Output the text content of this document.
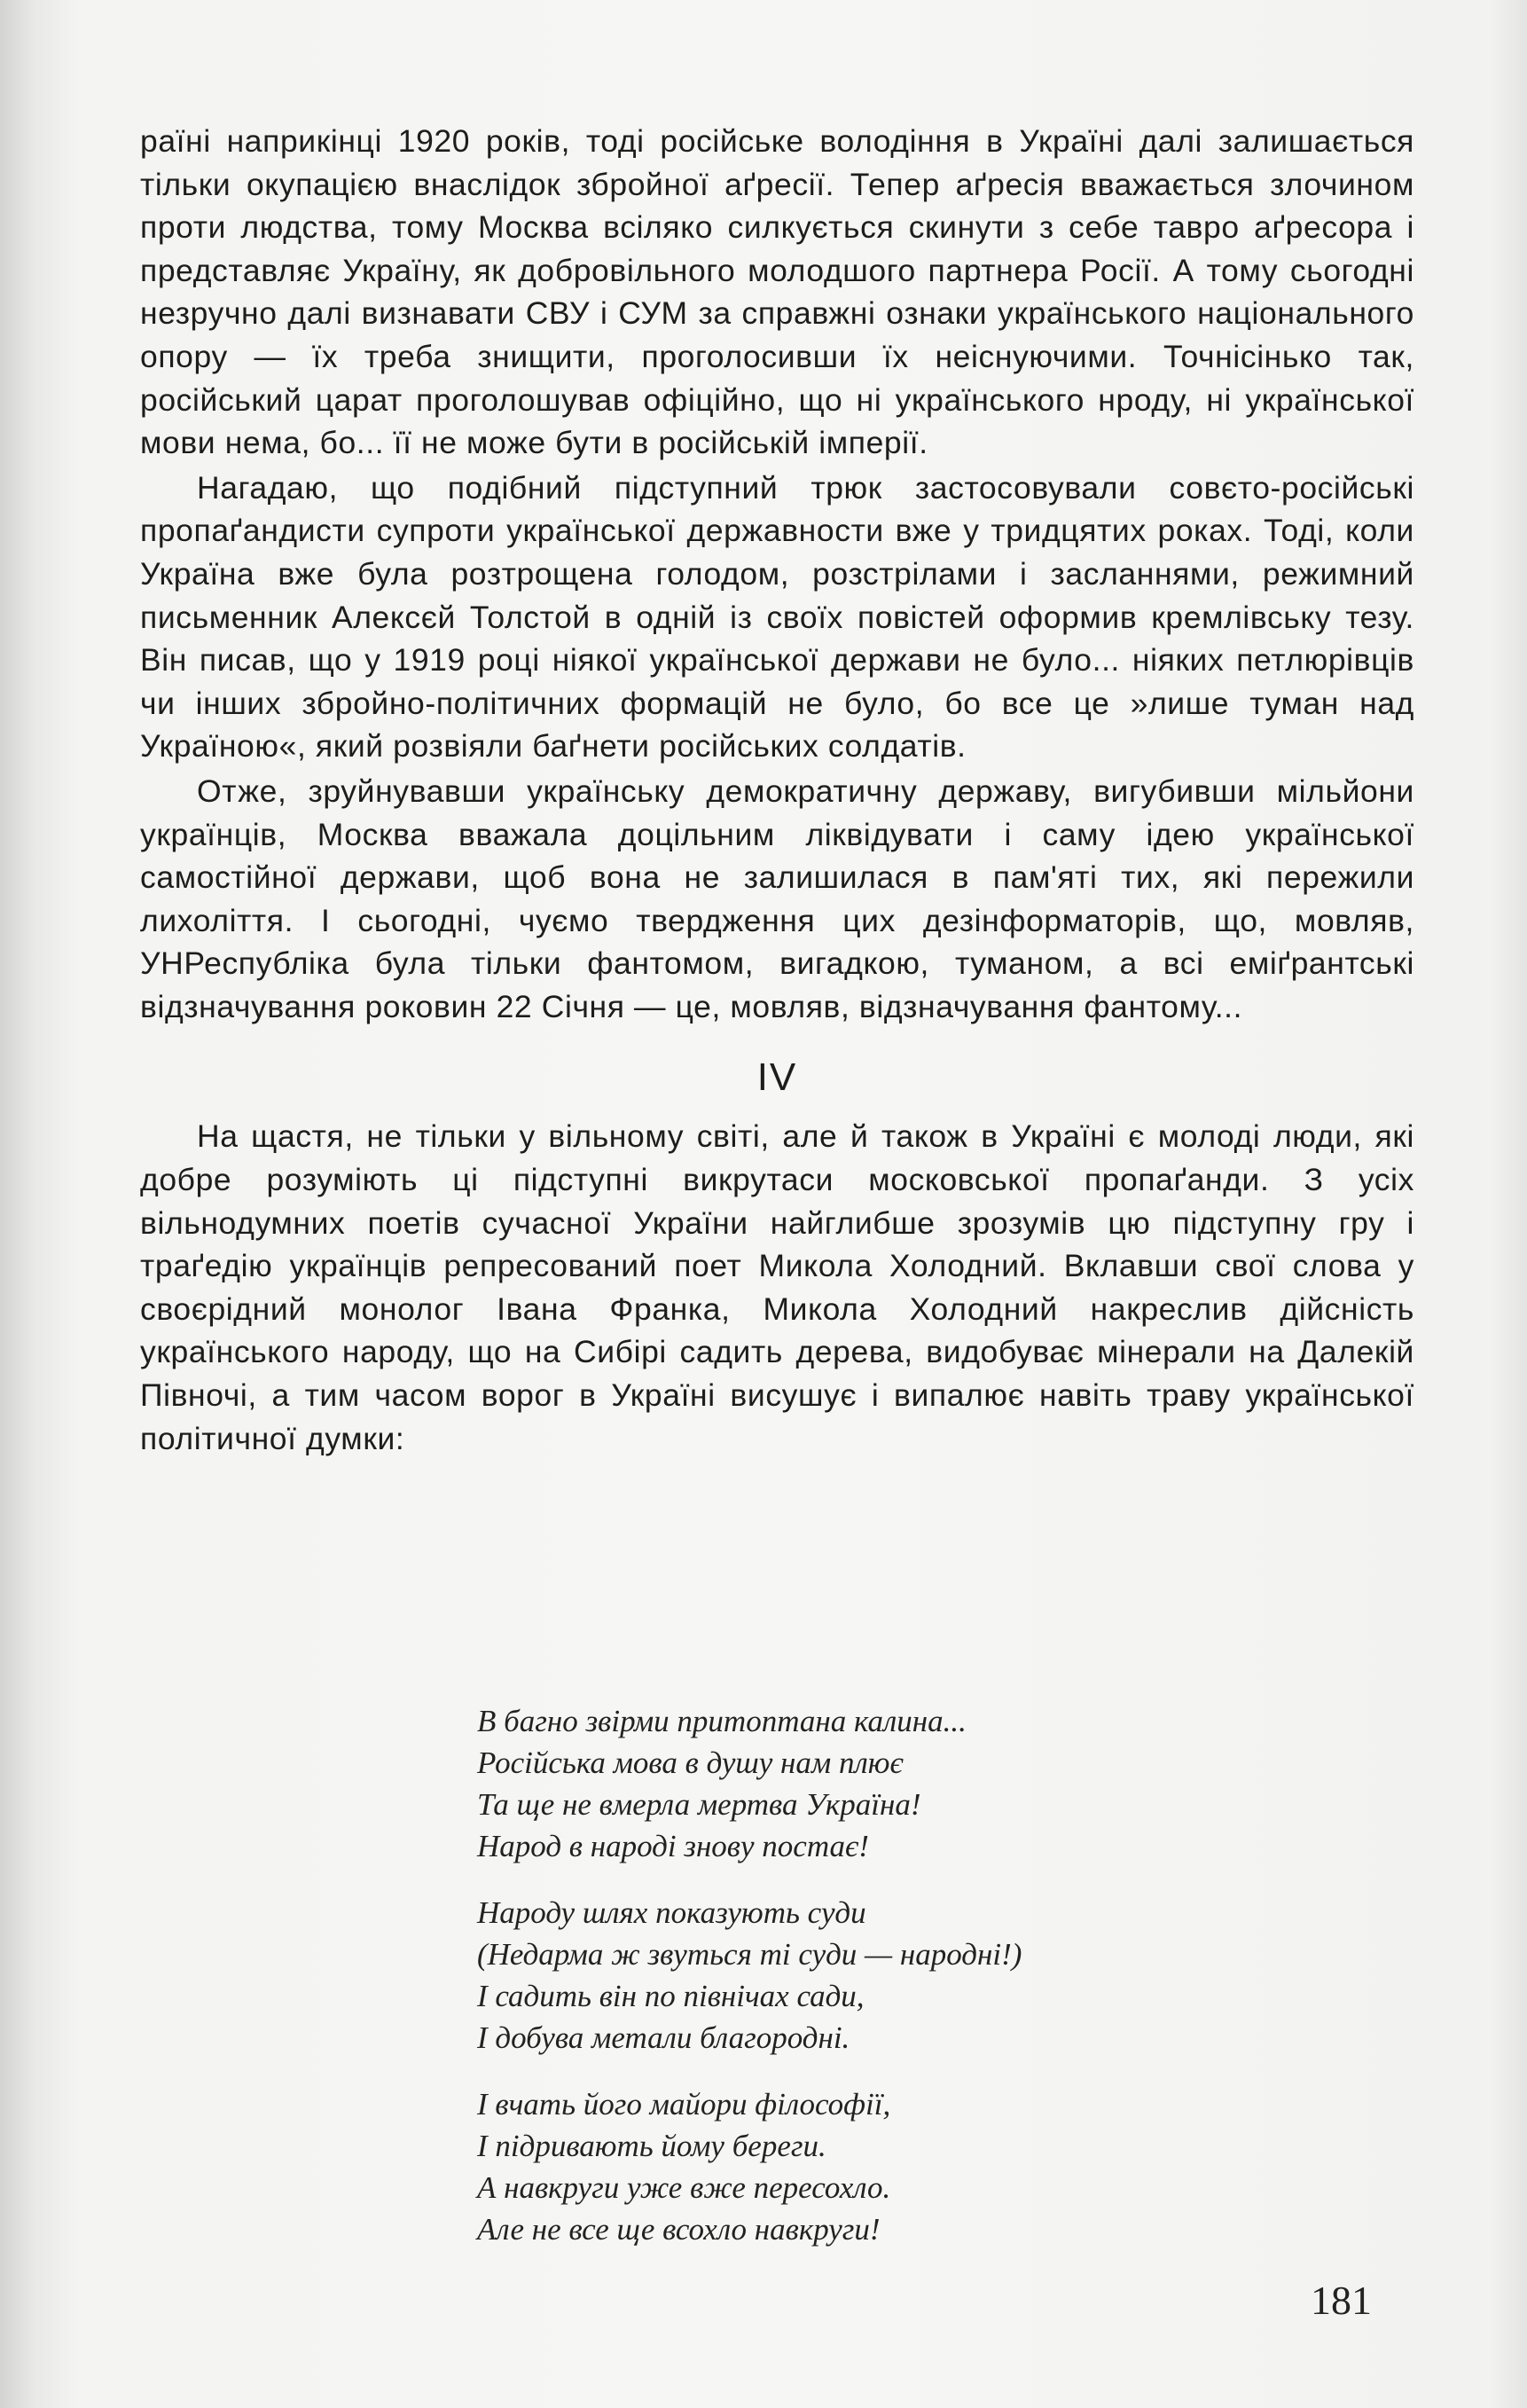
раїні наприкінці 1920 років, тоді російське володіння в Україні далі залишається тільки окупацією внаслідок збройної аґресії. Тепер аґресія вважається злочином проти людства, тому Москва всіляко силкується скинути з себе тавро аґресора і представляє Україну, як добровільного молодшого партнера Росії. А тому сьогодні незручно далі визнавати СВУ і СУМ за справжні ознаки українського національного опору — їх треба знищити, проголосивши їх неіснуючими. Точнісінько так, російський царат проголошував офіційно, що ні українського нроду, ні української мови нема, бо... її не може бути в російській імперії.

Нагадаю, що подібний підступний трюк застосовували совєто-російські пропаґандисти супроти української державности вже у тридцятих роках. Тоді, коли Україна вже була розтрощена голодом, розстрілами і засланнями, режимний письменник Алексєй Толстой в одній із своїх повістей оформив кремлівську тезу. Він писав, що у 1919 році ніякої української держави не було... ніяких петлюрівців чи інших збройно-політичних формацій не було, бо все це »лише туман над Україною«, який розвіяли баґнети російських солдатів.

Отже, зруйнувавши українську демократичну державу, вигубивши мільйони українців, Москва вважала доцільним ліквідувати і саму ідею української самостійної держави, щоб вона не залишилася в пам'яті тих, які пережили лихоліття. І сьогодні, чуємо твердження цих дезінформаторів, що, мовляв, УНРеспубліка була тільки фантомом, вигадкою, туманом, а всі еміґрантські відзначування роковин 22 Січня — це, мовляв, відзначування фантому...

IV

На щастя, не тільки у вільному світі, але й також в Україні є молоді люди, які добре розуміють ці підступні викрутаси московської пропаґанди. З усіх вільнодумних поетів сучасної України найглибше зрозумів цю підступну гру і траґедію українців репресований поет Микола Холодний. Вклавши свої слова у своєрідний монолог Івана Франка, Микола Холодний накреслив дійсність українського народу, що на Сибірі садить дерева, видобуває мінерали на Далекій Півночі, а тим часом ворог в Україні висушує і випалює навіть траву української політичної думки:

В багно звірми притоптана калина...
Російська мова в душу нам плює
Та ще не вмерла мертва Україна!
Народ в народі знову постає!
Народу шлях показують суди
(Недарма ж звуться ті суди — народні!)
І садить він по північах сади,
І добува метали благородні.
І вчать його майори філософії,
І підривають йому береги.
А навкруги уже вже пересохло.
Але не все ще всохло навкруги!
181
